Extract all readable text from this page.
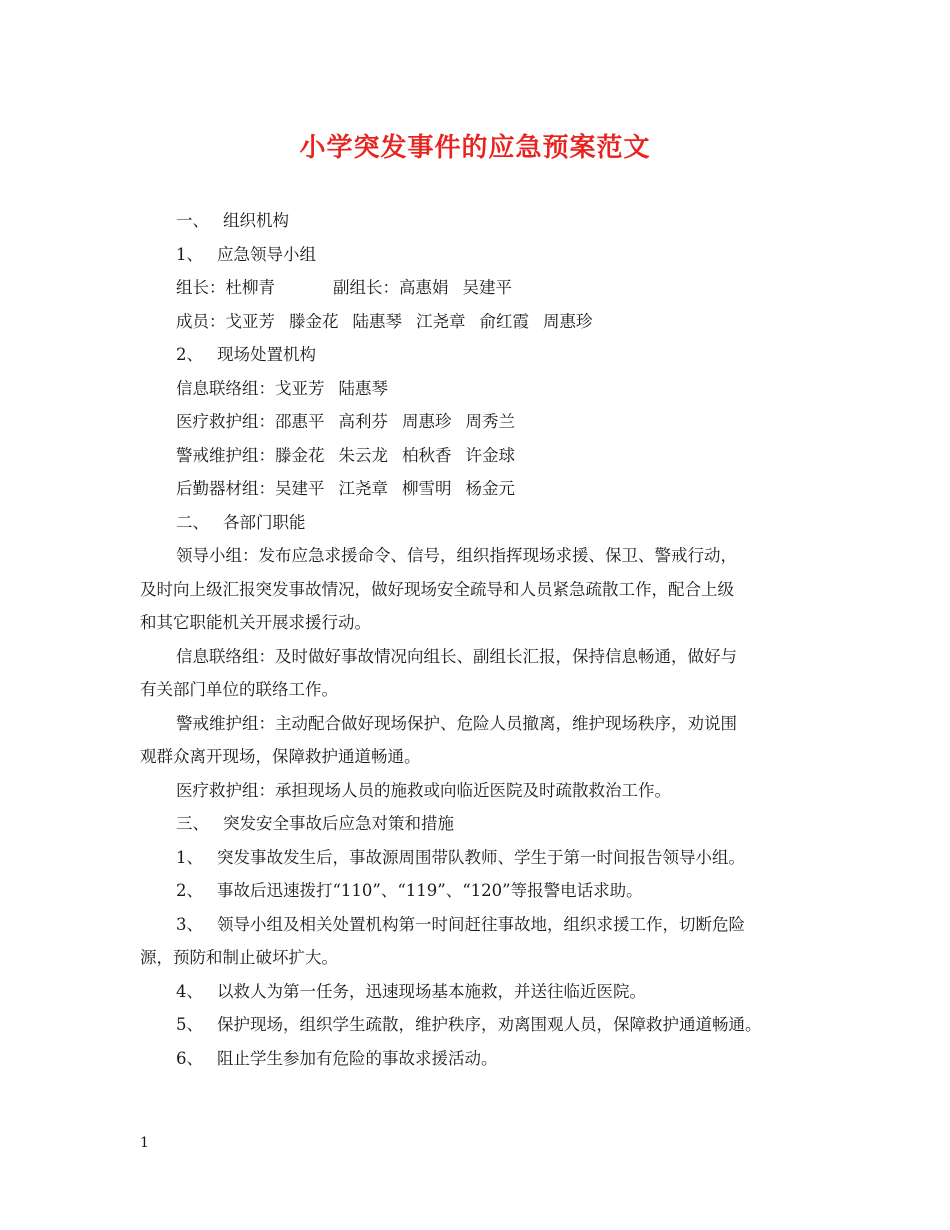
小学突发事件的应急预案范文
一、 组织机构
1、 应急领导小组
组长：杜柳青	副组长：高惠娟 吴建平
成员：戈亚芳 滕金花 陆惠琴 江尧章 俞红霞 周惠珍
2、 现场处置机构
信息联络组：戈亚芳 陆惠琴
医疗救护组：邵惠平 高利芬 周惠珍 周秀兰
警戒维护组：滕金花 朱云龙 柏秋香 许金球
后勤器材组：吴建平 江尧章 柳雪明 杨金元
二、 各部门职能
领导小组：发布应急求援命令、信号，组织指挥现场求援、保卫、警戒行动，
及时向上级汇报突发事故情况，做好现场安全疏导和人员紧急疏散工作，配合上级
和其它职能机关开展求援行动。
信息联络组：及时做好事故情况向组长、副组长汇报，保持信息畅通，做好与
有关部门单位的联络工作。
警戒维护组：主动配合做好现场保护、危险人员撤离，维护现场秩序，劝说围
观群众离开现场，保障救护通道畅通。
医疗救护组：承担现场人员的施救或向临近医院及时疏散救治工作。
三、 突发安全事故后应急对策和措施
1、 突发事故发生后，事故源周围带队教师、学生于第一时间报告领导小组。
2、 事故后迅速拨打“110”、“119”、“120”等报警电话求助。
3、 领导小组及相关处置机构第一时间赶往事故地，组织求援工作，切断危险
源，预防和制止破坏扩大。
4、 以救人为第一任务，迅速现场基本施救，并送往临近医院。
5、 保护现场，组织学生疏散，维护秩序，劝离围观人员，保障救护通道畅通。
6、 阻止学生参加有危险的事故求援活动。
1
